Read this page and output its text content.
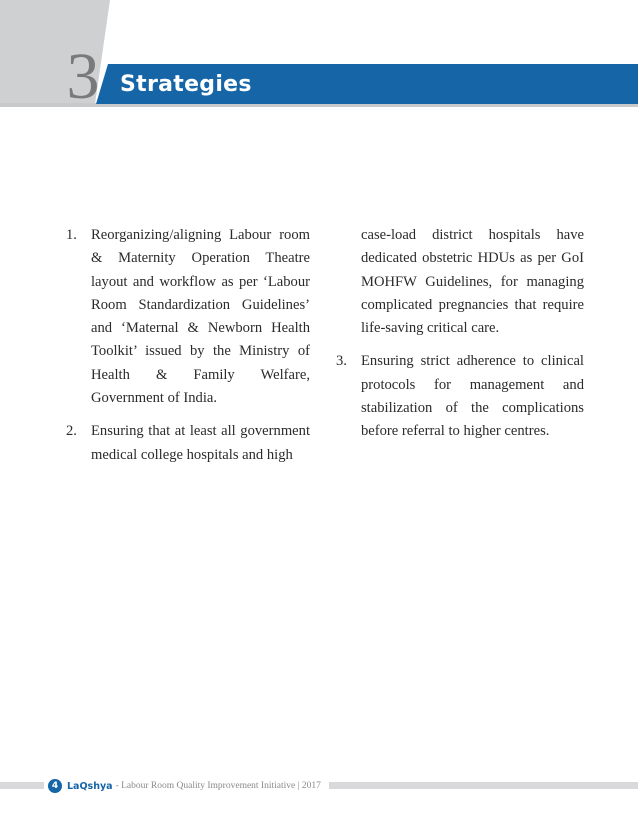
3 Strategies
1. Reorganizing/aligning Labour room & Maternity Operation Theatre layout and workflow as per ‘Labour Room Standardization Guidelines’ and ‘Maternal & Newborn Health Toolkit’ issued by the Ministry of Health & Family Welfare, Government of India.
2. Ensuring that at least all government medical college hospitals and high
case-load district hospitals have dedicated obstetric HDUs as per GoI MOHFW Guidelines, for managing complicated pregnancies that require life-saving critical care.
3. Ensuring strict adherence to clinical protocols for management and stabilization of the complications before referral to higher centres.
4 LaQshya - Labour Room Quality Improvement Initiative | 2017
